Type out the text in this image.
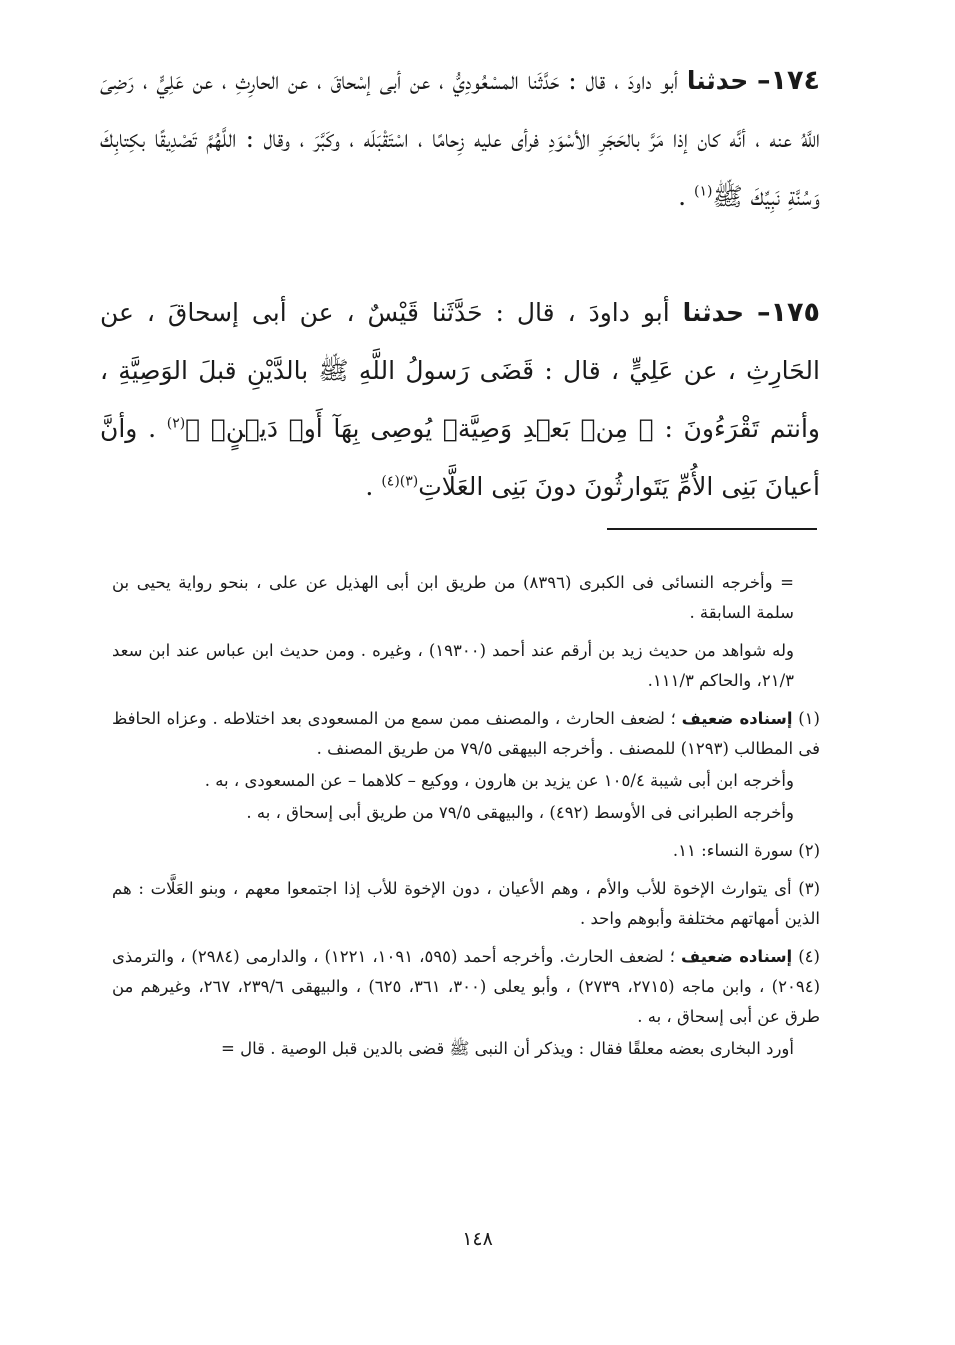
١٧٤– حدثنا أبو داودَ ، قال : حَدَّثَنا المسْعُودِيُّ ، عن أبى إسْحاقَ ، عن الحارِثِ ، عن عَلِيٍّ ، رَضِىَ اللَّهُ عنه ، أنَّه كان إذا مَرَّ بالحَجَرِ الأسْوَدِ فرأى عليه زِحامًا ، اسْتَقْبَلَه ، وكَبَّرَ ، وقال : اللَّهُمَّ تَصْدِيقًا بكِتابِكَ وَسُنَّةِ نَبِيِّكَ ﷺ$^{(١)}$ .

١٧٥– حدثنا أبو داودَ ، قال : حَدَّثَنا قَيْسٌ ، عن أبى إسحاقَ ، عن الحَارِثِ ، عن عَلِيٍّ ، قال : قَضَى رَسولُ اللَّهِ ﷺ بالدَّيْنِ قبلَ الوَصِيَّةِ ، وأنتم تَقْرَءُونَ : ﴿ مِنۢ بَعۡدِ وَصِيَّةٖ يُوصِى بِهَآ أَوۡ دَيۡنٍۗ ﴾$^{(٢)}$ . وأنَّ أعيانَ بَنِى الأُمِّ يَتَوارثُونَ دونَ بَنِى العَلَّاتِ$^{(٣)(٤)}$ .

= وأخرجه النسائى فى الكبرى (٨٣٩٦) من طريق ابن أبى الهذيل عن على ، بنحو رواية يحيى بن سلمة السابقة .

وله شواهد من حديث زيد بن أرقم عند أحمد (١٩٣٠٠) ، وغيره . ومن حديث ابن عباس عند ابن سعد ٢١/٣، والحاكم ١١١/٣.

(١) إسناده ضعيف ؛ لضعف الحارث ، والمصنف ممن سمع من المسعودى بعد اختلاطه . وعزاه الحافظ فى المطالب (١٢٩٣) للمصنف . وأخرجه البيهقى ٧٩/٥ من طريق المصنف .

وأخرجه ابن أبى شيبة ١٠٥/٤ عن يزيد بن هارون ، ووكيع – كلاهما – عن المسعودى ، به .

وأخرجه الطبرانى فى الأوسط (٤٩٢) ، والبيهقى ٧٩/٥ من طريق أبى إسحاق ، به .

(٢) سورة النساء: ١١.

(٣) أى يتوارث الإخوة للأب والأم ، وهم الأعيان ، دون الإخوة للأب إذا اجتمعوا معهم ، وبنو العَلَّات : هم الذين أمهاتهم مختلفة وأبوهم واحد .

(٤) إسناده ضعيف ؛ لضعف الحارث. وأخرجه أحمد (٥٩٥، ١٠٩١، ١٢٢١) ، والدارمى (٢٩٨٤) ، والترمذى (٢٠٩٤) ، وابن ماجه (٢٧١٥، ٢٧٣٩) ، وأبو يعلى (٣٠٠، ٣٦١، ٦٢٥) ، والبيهقى ٢٣٩/٦، ٢٦٧، وغيرهم من طرق عن أبى إسحاق ، به .

أورد البخارى بعضه معلقًا فقال : ويذكر أن النبى ﷺ قضى بالدين قبل الوصية . قال =

١٤٨
